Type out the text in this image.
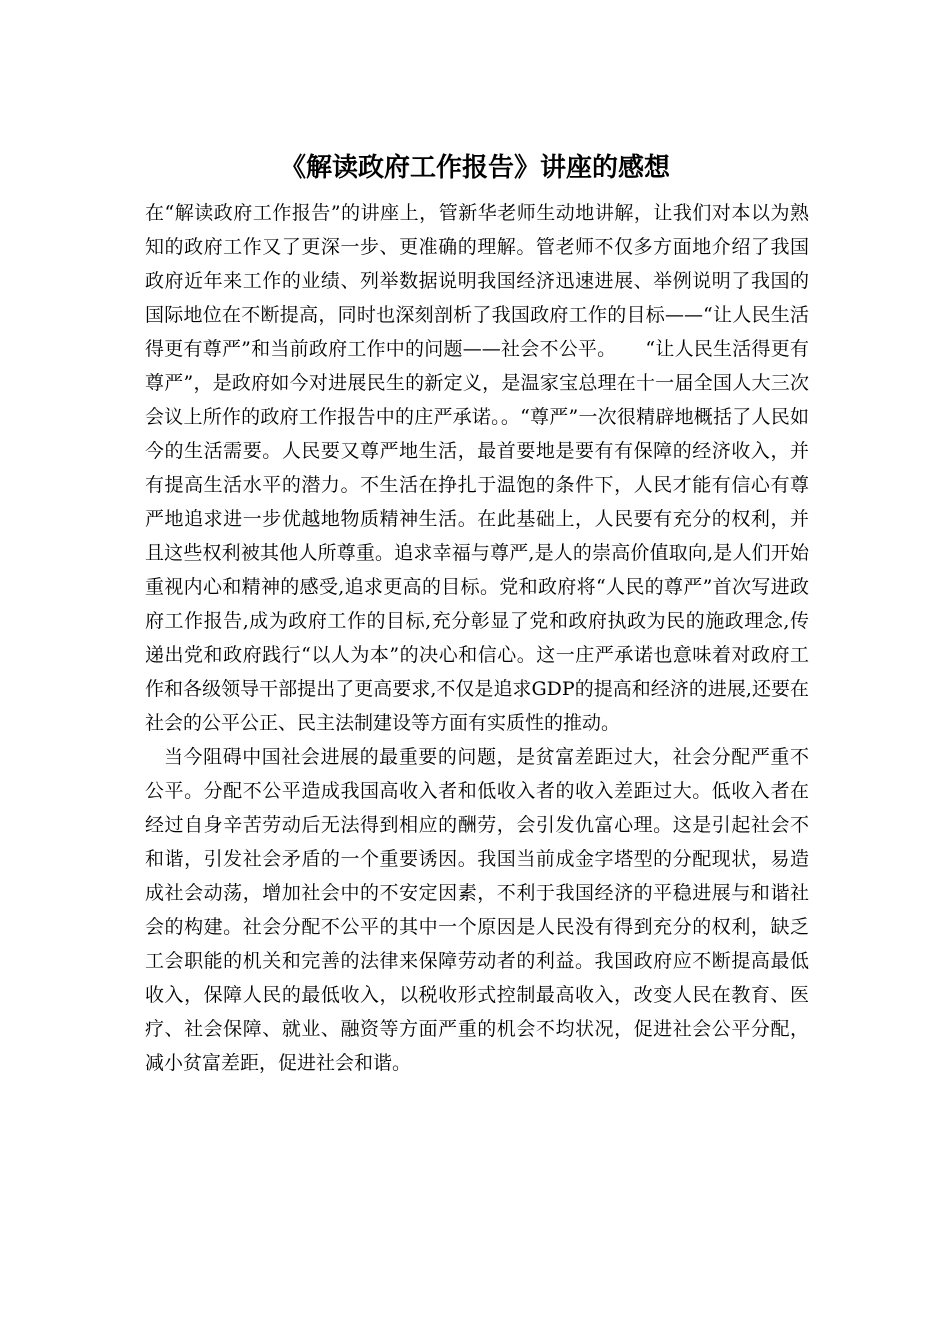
《解读政府工作报告》讲座的感想

在“解读政府工作报告”的讲座上，管新华老师生动地讲解，让我们对本以为熟知的政府工作又了更深一步、更准确的理解。管老师不仅多方面地介绍了我国政府近年来工作的业绩、列举数据说明我国经济迅速进展、举例说明了我国的国际地位在不断提高，同时也深刻剖析了我国政府工作的目标——“让人民生活得更有尊严”和当前政府工作中的问题——社会不公平。　　“让人民生活得更有尊严”，是政府如今对进展民生的新定义，是温家宝总理在十一届全国人大三次会议上所作的政府工作报告中的庄严承诺。。“尊严”一次很精辟地概括了人民如今的生活需要。人民要又尊严地生活，最首要地是要有有保障的经济收入，并有提高生活水平的潜力。不生活在挣扎于温饱的条件下，人民才能有信心有尊严地追求进一步优越地物质精神生活。在此基础上，人民要有充分的权利，并且这些权利被其他人所尊重。追求幸福与尊严,是人的崇高价值取向,是人们开始重视内心和精神的感受,追求更高的目标。党和政府将“人民的尊严”首次写进政府工作报告,成为政府工作的目标,充分彰显了党和政府执政为民的施政理念,传递出党和政府践行“以人为本”的决心和信心。这一庄严承诺也意味着对政府工作和各级领导干部提出了更高要求,不仅是追求GDP的提高和经济的进展,还要在社会的公平公正、民主法制建设等方面有实质性的推动。

当今阻碍中国社会进展的最重要的问题，是贫富差距过大，社会分配严重不公平。分配不公平造成我国高收入者和低收入者的收入差距过大。低收入者在经过自身辛苦劳动后无法得到相应的酬劳，会引发仇富心理。这是引起社会不和谐，引发社会矛盾的一个重要诱因。我国当前成金字塔型的分配现状，易造成社会动荡，增加社会中的不安定因素，不利于我国经济的平稳进展与和谐社会的构建。社会分配不公平的其中一个原因是人民没有得到充分的权利，缺乏工会职能的机关和完善的法律来保障劳动者的利益。我国政府应不断提高最低收入，保障人民的最低收入，以税收形式控制最高收入，改变人民在教育、医疗、社会保障、就业、融资等方面严重的机会不均状况，促进社会公平分配，减小贫富差距，促进社会和谐。
